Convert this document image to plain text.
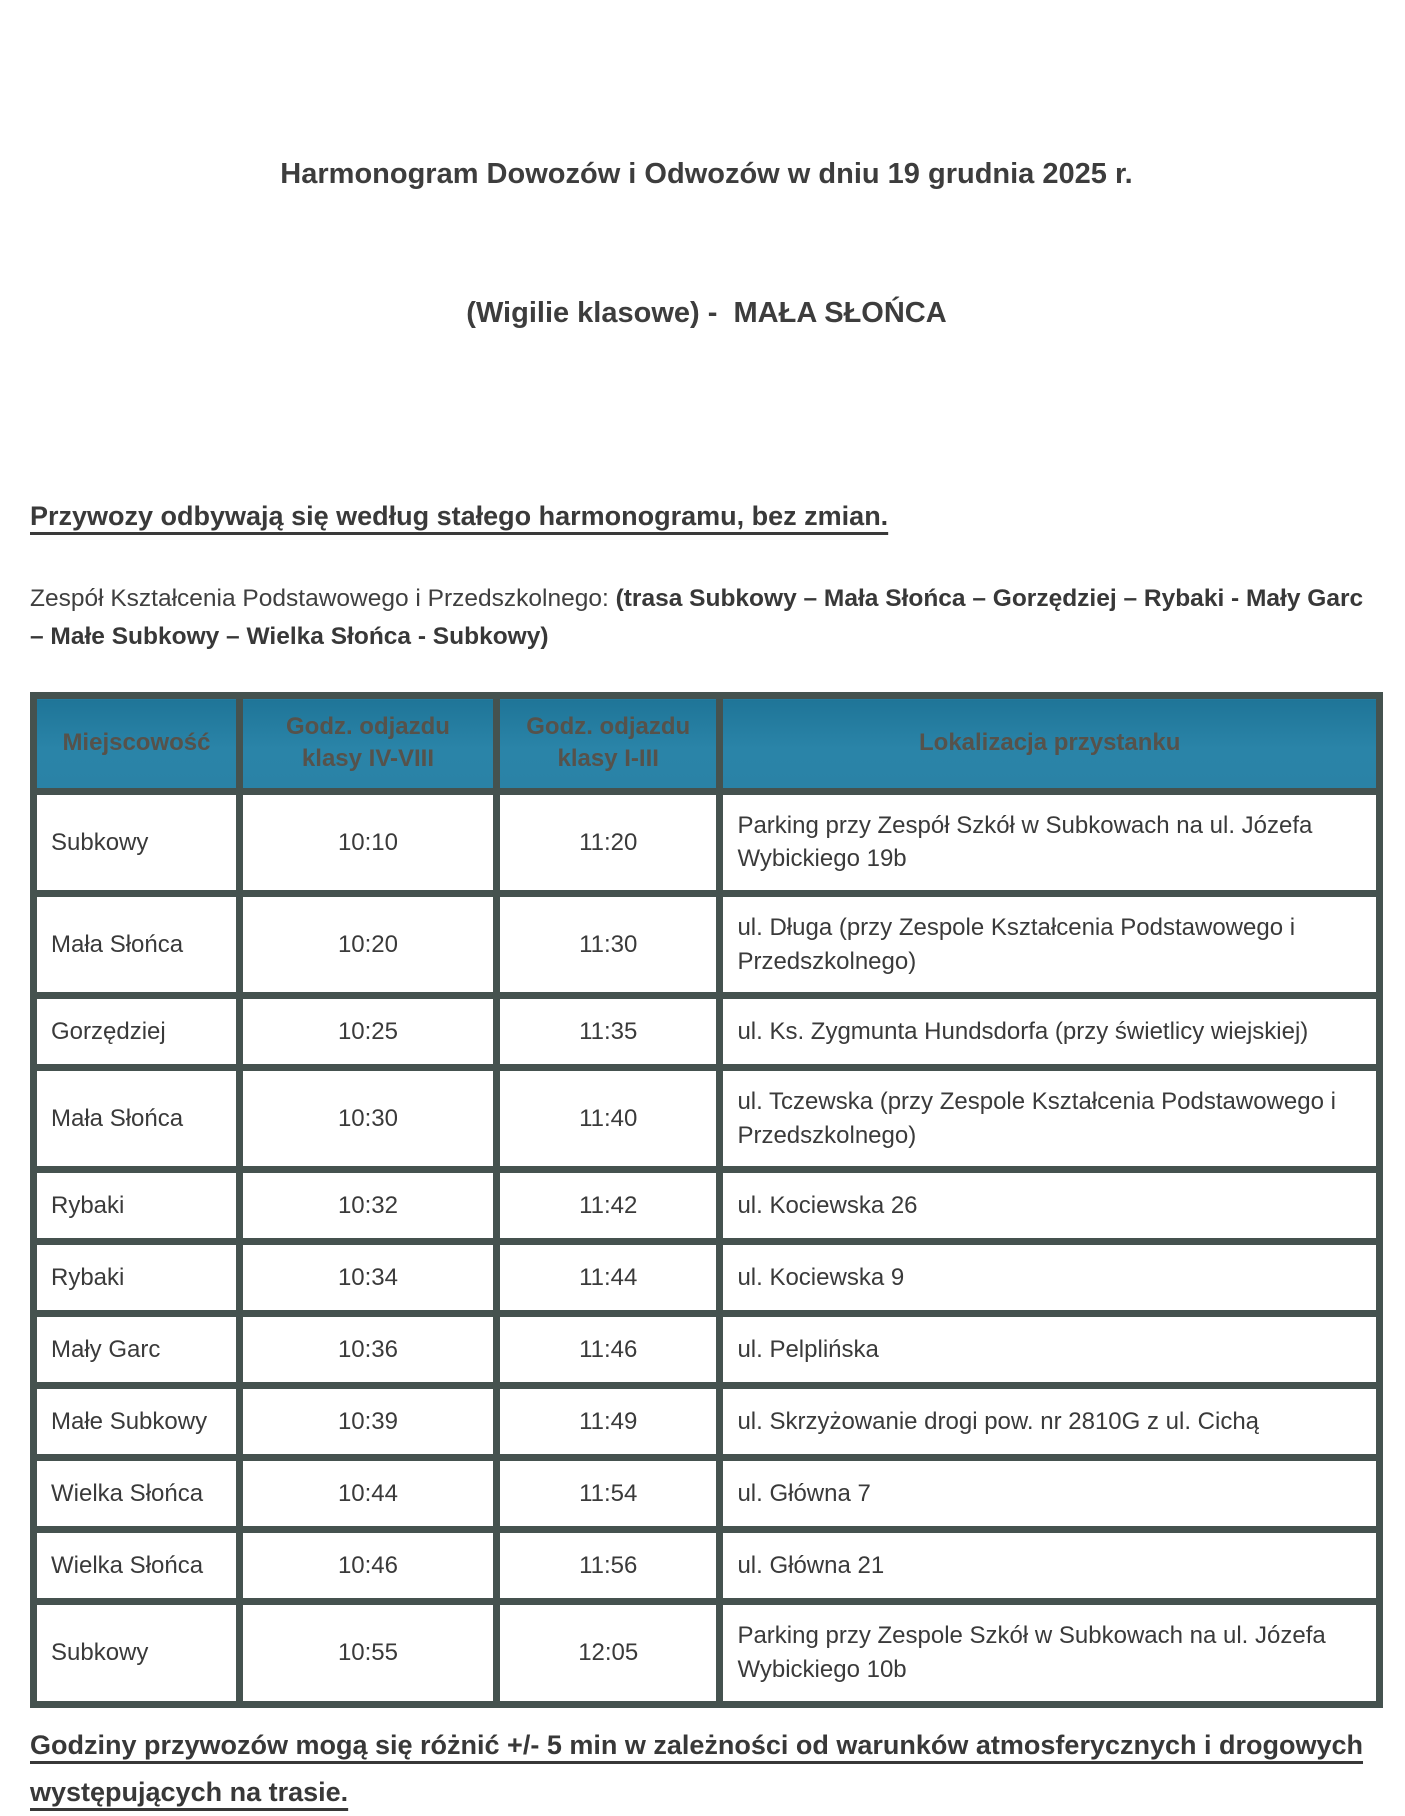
Harmonogram Dowozów i Odwozów w dniu 19 grudnia 2025 r.

(Wigilie klasowe) -  MAŁA SŁOŃCA

Przywozy odbywają się według stałego harmonogramu, bez zmian.

Zespół Kształcenia Podstawowego i Przedszkolnego: (trasa Subkowy – Mała Słońca – Gorzędziej – Rybaki - Mały Garc – Małe Subkowy – Wielka Słońca - Subkowy)

Miejscowość	Godz. odjazdu klasy IV-VIII	Godz. odjazdu klasy I-III	Lokalizacja przystanku
Subkowy	10:10	11:20	Parking przy Zespół Szkół w Subkowach na ul. Józefa Wybickiego 19b
Mała Słońca	10:20	11:30	ul. Długa (przy Zespole Kształcenia Podstawowego i Przedszkolnego)
Gorzędziej	10:25	11:35	ul. Ks. Zygmunta Hundsdorfa (przy świetlicy wiejskiej)
Mała Słońca	10:30	11:40	ul. Tczewska (przy Zespole Kształcenia Podstawowego i Przedszkolnego)
Rybaki	10:32	11:42	ul. Kociewska 26
Rybaki	10:34	11:44	ul. Kociewska 9
Mały Garc	10:36	11:46	ul. Pelplińska
Małe Subkowy	10:39	11:49	ul. Skrzyżowanie drogi pow. nr 2810G z ul. Cichą
Wielka Słońca	10:44	11:54	ul. Główna 7
Wielka Słońca	10:46	11:56	ul. Główna 21
Subkowy	10:55	12:05	Parking przy Zespole Szkół w Subkowach na ul. Józefa Wybickiego 10b

Godziny przywozów mogą się różnić +/- 5 min w zależności od warunków atmosferycznych i drogowych występujących na trasie.
